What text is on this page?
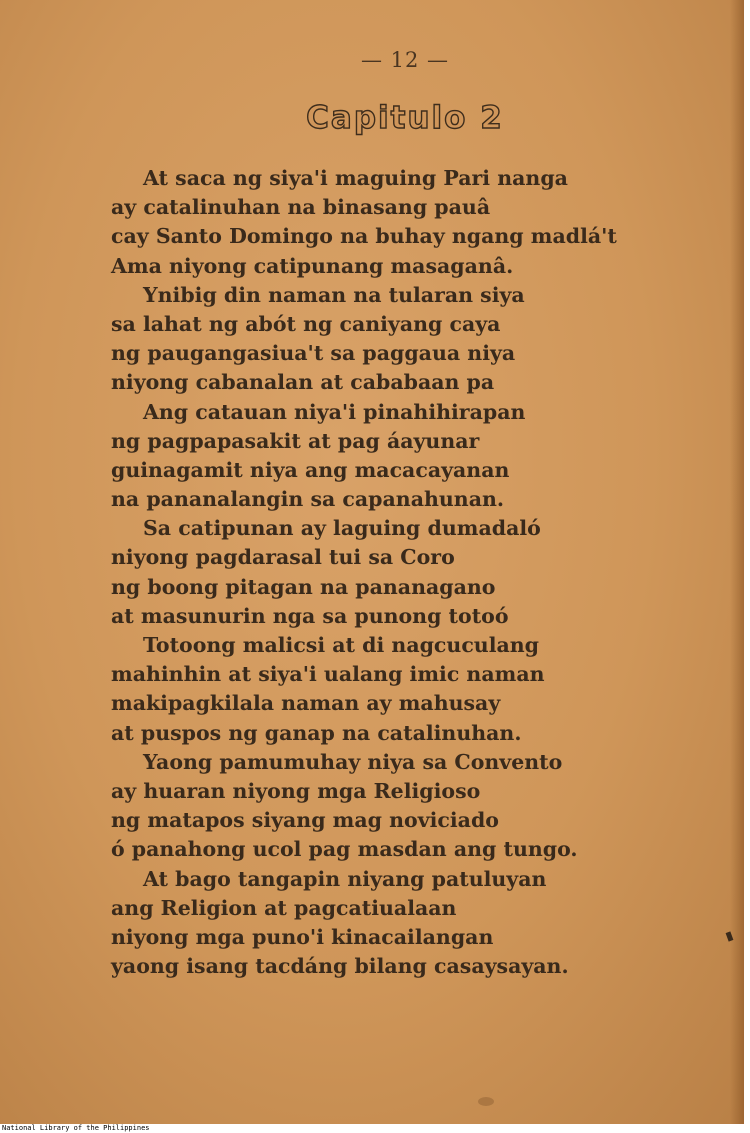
— 12 —
Capitulo 2
At saca ng siya'i maguing Pari nanga
ay catalinuhan na binasang pauâ
cay Santo Domingo na buhay ngang madlá't
Ama niyong catipunang masaganâ.
Ynibig din naman na tularan siya
sa lahat ng abót ng caniyang caya
ng paugangasiua't sa paggaua niya
niyong cabanalan at cababaan pa
Ang catauan niya'i pinahihirapan
ng pagpapasakit at pag áayunar
guinagamit niya ang macacayanan
na pananalangin sa capanahunan.
Sa catipunan ay laguing dumadaló
niyong pagdarasal tui sa Coro
ng boong pitagan na pananagano
at masunurin nga sa punong totoó
Totoong malicsi at di nagcuculang
mahinhin at siya'i ualang imic naman
makipagkilala naman ay mahusay
at puspos ng ganap na catalinuhan.
Yaong pamumuhay niya sa Convento
ay huaran niyong mga Religioso
ng matapos siyang mag noviciado
ó panahong ucol pag masdan ang tungo.
At bago tangapin niyang patuluyan
ang Religion at pagcatiualaan
niyong mga puno'i kinacailangan
yaong isang tacdáng bilang casaysayan.
National Library of the Philippines
